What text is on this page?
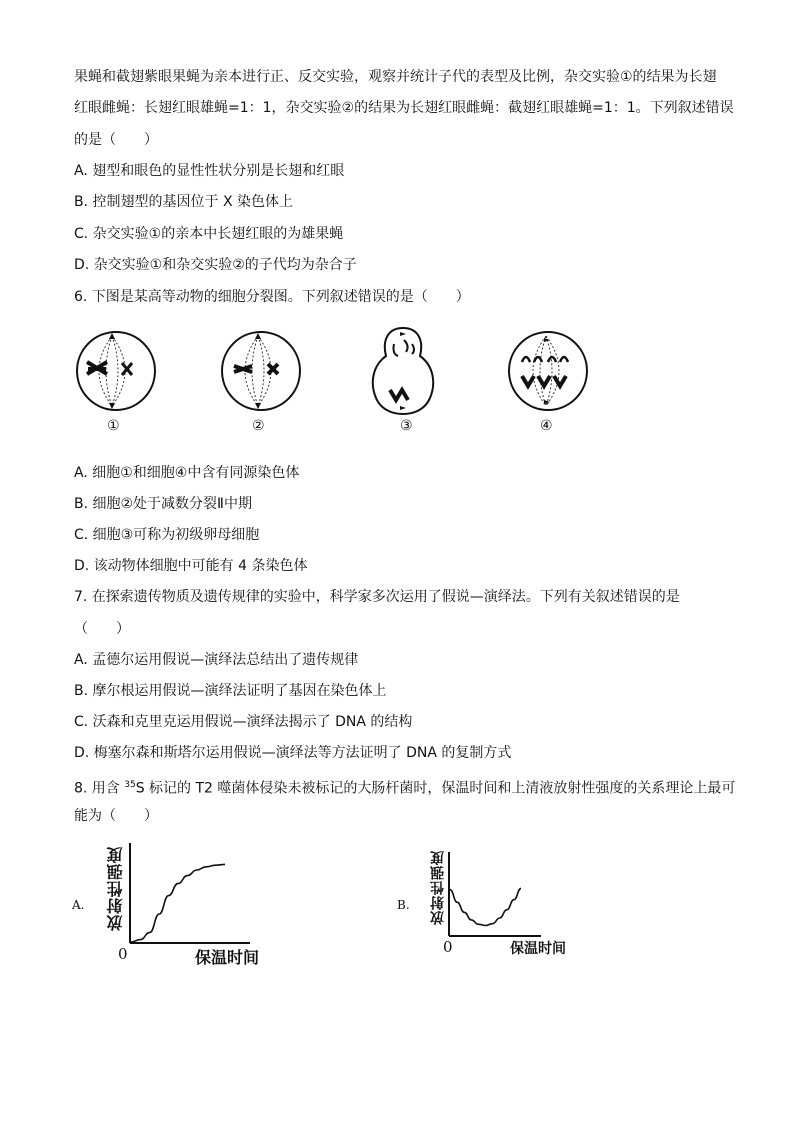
果蝇和截翅紫眼果蝇为亲本进行正、反交实验，观察并统计子代的表型及比例，杂交实验①的结果为长翅
红眼雌蝇：长翅红眼雄蝇=1：1，杂交实验②的结果为长翅红眼雌蝇：截翅红眼雄蝇=1：1。下列叙述错误
的是（　　）
A. 翅型和眼色的显性性状分别是长翅和红眼
B. 控制翅型的基因位于 X 染色体上
C. 杂交实验①的亲本中长翅红眼的为雄果蝇
D. 杂交实验①和杂交实验②的子代均为杂合子
6. 下图是某高等动物的细胞分裂图。下列叙述错误的是（　　）
①	②	③	④
A. 细胞①和细胞④中含有同源染色体
B. 细胞②处于减数分裂Ⅱ中期
C. 细胞③可称为初级卵母细胞
D. 该动物体细胞中可能有 4 条染色体
7. 在探索遗传物质及遗传规律的实验中，科学家多次运用了假说—演绎法。下列有关叙述错误的是
（　　）
A. 孟德尔运用假说—演绎法总结出了遗传规律
B. 摩尔根运用假说—演绎法证明了基因在染色体上
C. 沃森和克里克运用假说—演绎法揭示了 DNA 的结构
D. 梅塞尔森和斯塔尔运用假说—演绎法等方法证明了 DNA 的复制方式
8. 用含 $^{35}$S 标记的 T2 噬菌体侵染未被标记的大肠杆菌时，保温时间和上清液放射性强度的关系理论上最可
能为（　　）
A. 放射性强度
0	保温时间
B. 放射性强度
0	保温时间
